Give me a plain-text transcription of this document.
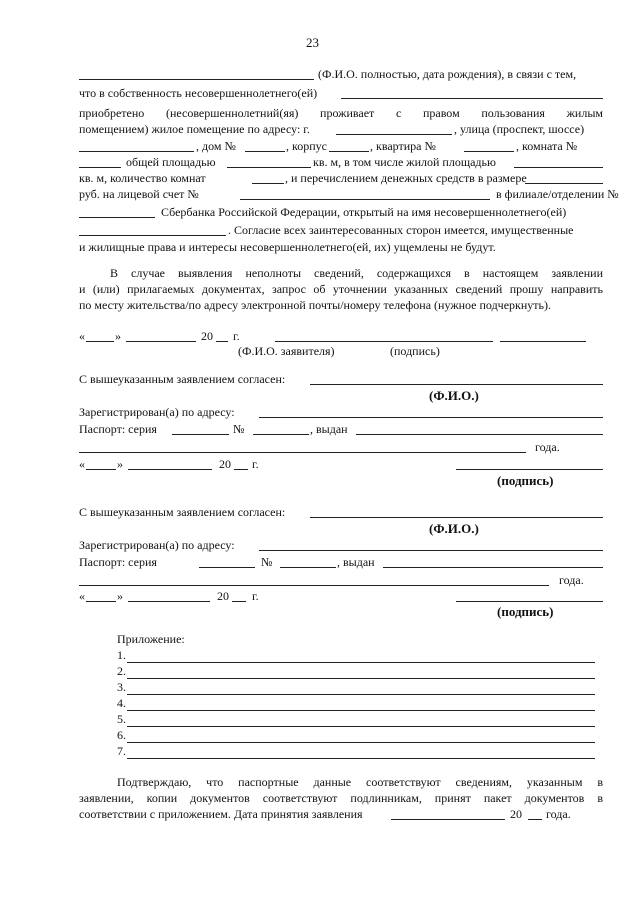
23
(Ф.И.О. полностью, дата рождения), в связи с тем,
что в собственность несовершеннолетнего(ей)
приобретено (несовершеннолетний(яя) проживает с правом пользования жилым
помещением) жилое помещение по адресу: г.	, улица (проспект, шоссе)
, дом №	, корпус	, квартира №	, комната №
общей площадью	кв. м, в том числе жилой площадью
кв. м, количество комнат	, и перечислением денежных средств в размере
руб. на лицевой счет №	в филиале/отделении №
Сбербанка Российской Федерации, открытый на имя несовершеннолетнего(ей)
. Согласие всех заинтересованных сторон имеется, имущественные
и жилищные права и интересы несовершеннолетнего(ей, их) ущемлены не будут.
В случае выявления неполноты сведений, содержащихся в настоящем заявлении
и (или) прилагаемых документах, запрос об уточнении указанных сведений прошу направить
по месту жительства/по адресу электронной почты/номеру телефона (нужное подчеркнуть).
«	»	20 г.
(Ф.И.О. заявителя)	(подпись)
С вышеуказанным заявлением согласен:
(Ф.И.О.)
Зарегистрирован(а) по адресу:
Паспорт: серия	№	, выдан
года.
«	»	20 г.
(подпись)
С вышеуказанным заявлением согласен:
(Ф.И.О.)
Зарегистрирован(а) по адресу:
Паспорт: серия	№	, выдан
года.
«	»	20 г.
(подпись)
Приложение:
1.
2.
3.
4.
5.
6.
7.
Подтверждаю, что паспортные данные соответствуют сведениям, указанным в
заявлении, копии документов соответствуют подлинникам, принят пакет документов в
соответствии с приложением. Дата принятия заявления	20 года.
